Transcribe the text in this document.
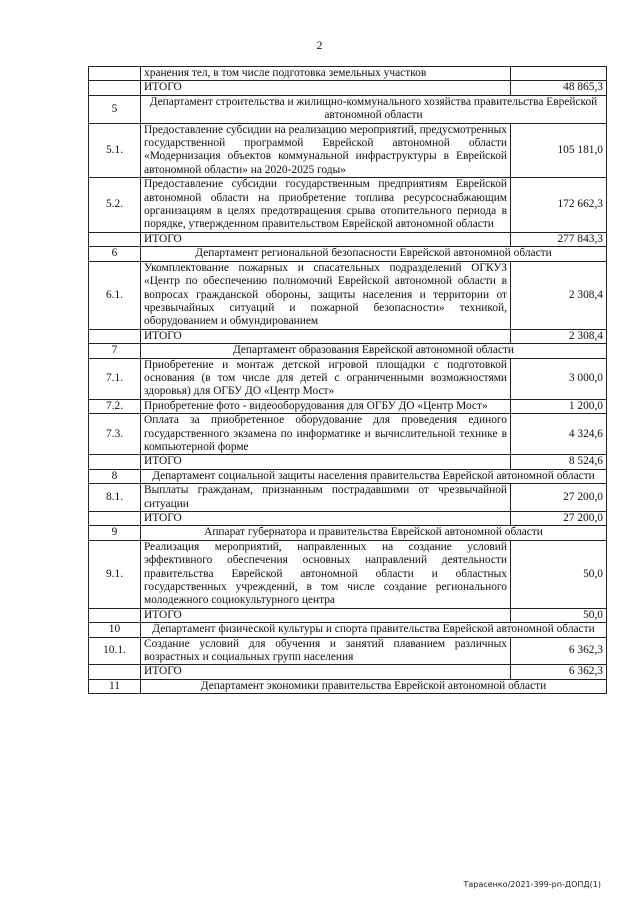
2
	хранения тел, в том числе подготовка земельных участков	
	ИТОГО	48 865,3
5	Департамент строительства и жилищно-коммунального хозяйства правительства Еврейской автономной области	
5.1.	Предоставление субсидии на реализацию мероприятий, предусмотренных государственной программой Еврейской автономной области «Модернизация объектов коммунальной инфраструктуры в Еврейской автономной области» на 2020-2025 годы»	105 181,0
5.2.	Предоставление субсидии государственным предприятиям Еврейской автономной области на приобретение топлива ресурсоснабжающим организациям в целях предотвращения срыва отопительного периода в порядке, утвержденном правительством Еврейской автономной области	172 662,3
	ИТОГО	277 843,3
6	Департамент региональной безопасности Еврейской автономной области	
6.1.	Укомплектование пожарных и спасательных подразделений ОГКУЗ «Центр по обеспечению полномочий Еврейской автономной области в вопросах гражданской обороны, защиты населения и территории от чрезвычайных ситуаций и пожарной безопасности» техникой, оборудованием и обмундированием	2 308,4
	ИТОГО	2 308,4
7	Департамент образования Еврейской автономной области	
7.1.	Приобретение и монтаж детской игровой площадки с подготовкой основания (в том числе для детей с ограниченными возможностями здоровья) для ОГБУ ДО «Центр Мост»	3 000,0
7.2.	Приобретение фото - видеооборудования для ОГБУ ДО «Центр Мост»	1 200,0
7.3.	Оплата за приобретенное оборудование для проведения единого государственного экзамена по информатике и вычислительной технике в компьютерной форме	4 324,6
	ИТОГО	8 524,6
8	Департамент социальной защиты населения правительства Еврейской автономной области	
8.1.	Выплаты гражданам, признанным пострадавшими от чрезвычайной ситуации	27 200,0
	ИТОГО	27 200,0
9	Аппарат губернатора и правительства Еврейской автономной области	
9.1.	Реализация мероприятий, направленных на создание условий эффективного обеспечения основных направлений деятельности правительства Еврейской автономной области и областных государственных учреждений, в том числе создание регионального молодежного социокультурного центра	50,0
	ИТОГО	50,0
10	Департамент физической культуры и спорта правительства Еврейской автономной области	
10.1.	Создание условий для обучения и занятий плаванием различных возрастных и социальных групп населения	6 362,3
	ИТОГО	6 362,3
11	Департамент экономики правительства Еврейской автономной области	
Тарасенко/2021-399-рп-ДОПД(1)
